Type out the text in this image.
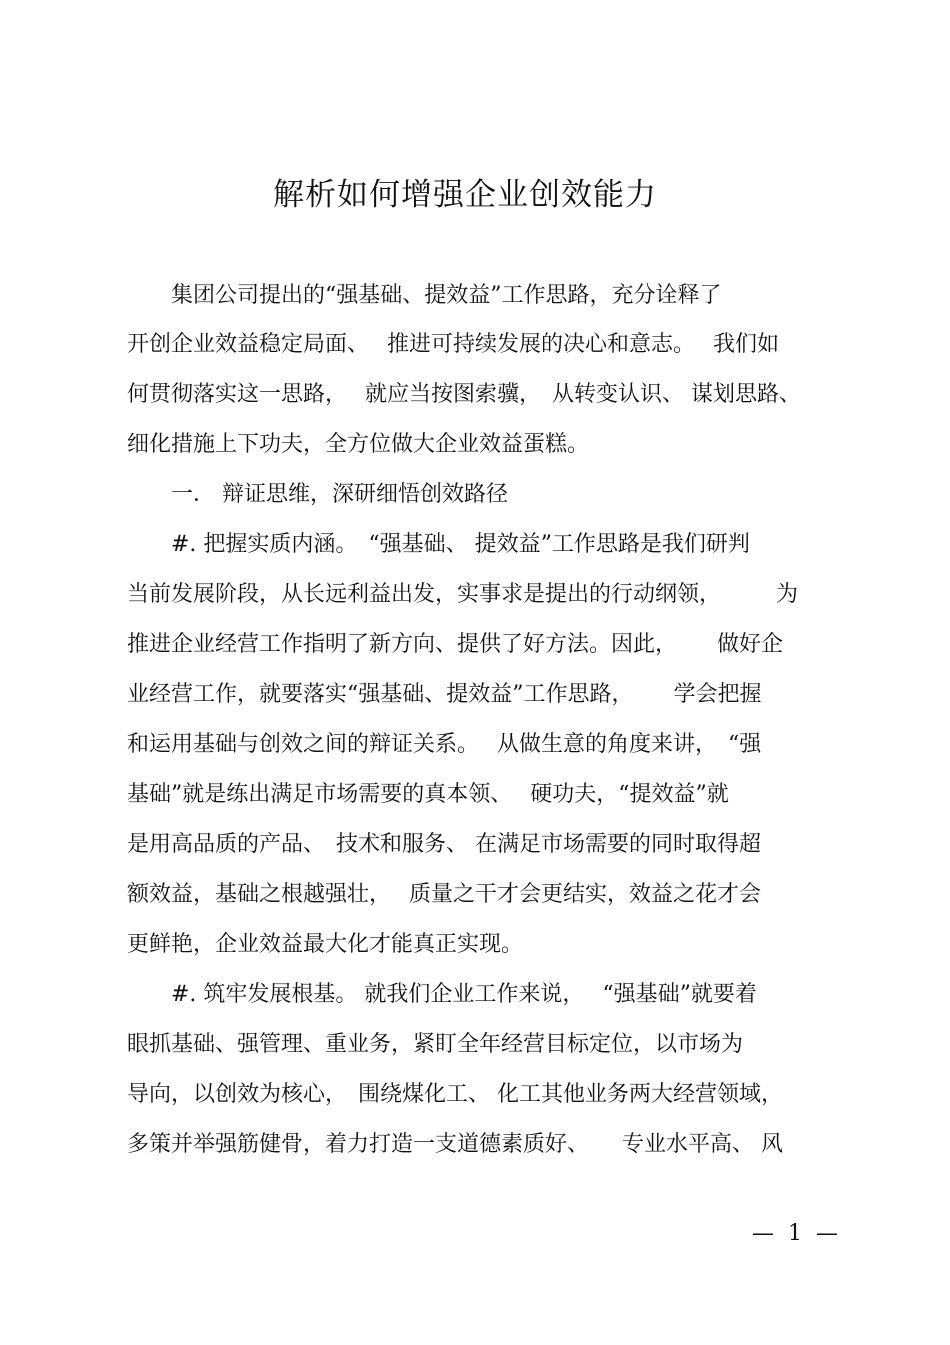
解析如何增强企业创效能力
　　集团公司提出的“强基础、提效益”工作思路，充分诠释了
开创企业效益稳定局面、　 推进可持续发展的决心和意志。　 我们如
何贯彻落实这一思路，　 就应当按图索骥，　从转变认识、 谋划思路、
细化措施上下功夫，全方位做大企业效益蛋糕。
　　一． 辩证思维，深研细悟创效路径
　　#. 把握实质内涵。　“强基础、 提效益”工作思路是我们研判
当前发展阶段，从长远利益出发，实事求是提出的行动纲领，　　　为
推进企业经营工作指明了新方向、提供了好方法。因此，　　 做好企
业经营工作，就要落实“强基础、提效益”工作思路，　　 学会把握
和运用基础与创效之间的辩证关系。　 从做生意的角度来讲，　“强
基础”就是练出满足市场需要的真本领、　 硬功夫，“提效益”就
是用高品质的产品、　技术和服务、 在满足市场需要的同时取得超
额效益，基础之根越强壮，　 质量之干才会更结实，效益之花才会
更鲜艳，企业效益最大化才能真正实现。
　　#. 筑牢发展根基。 就我们企业工作来说，　 “强基础”就要着
眼抓基础、强管理、重业务，紧盯全年经营目标定位，以市场为
导向，以创效为核心，　围绕煤化工、 化工其他业务两大经营领域，
多策并举强筋健骨，着力打造一支道德素质好、　　专业水平高、 风
—  1  —
